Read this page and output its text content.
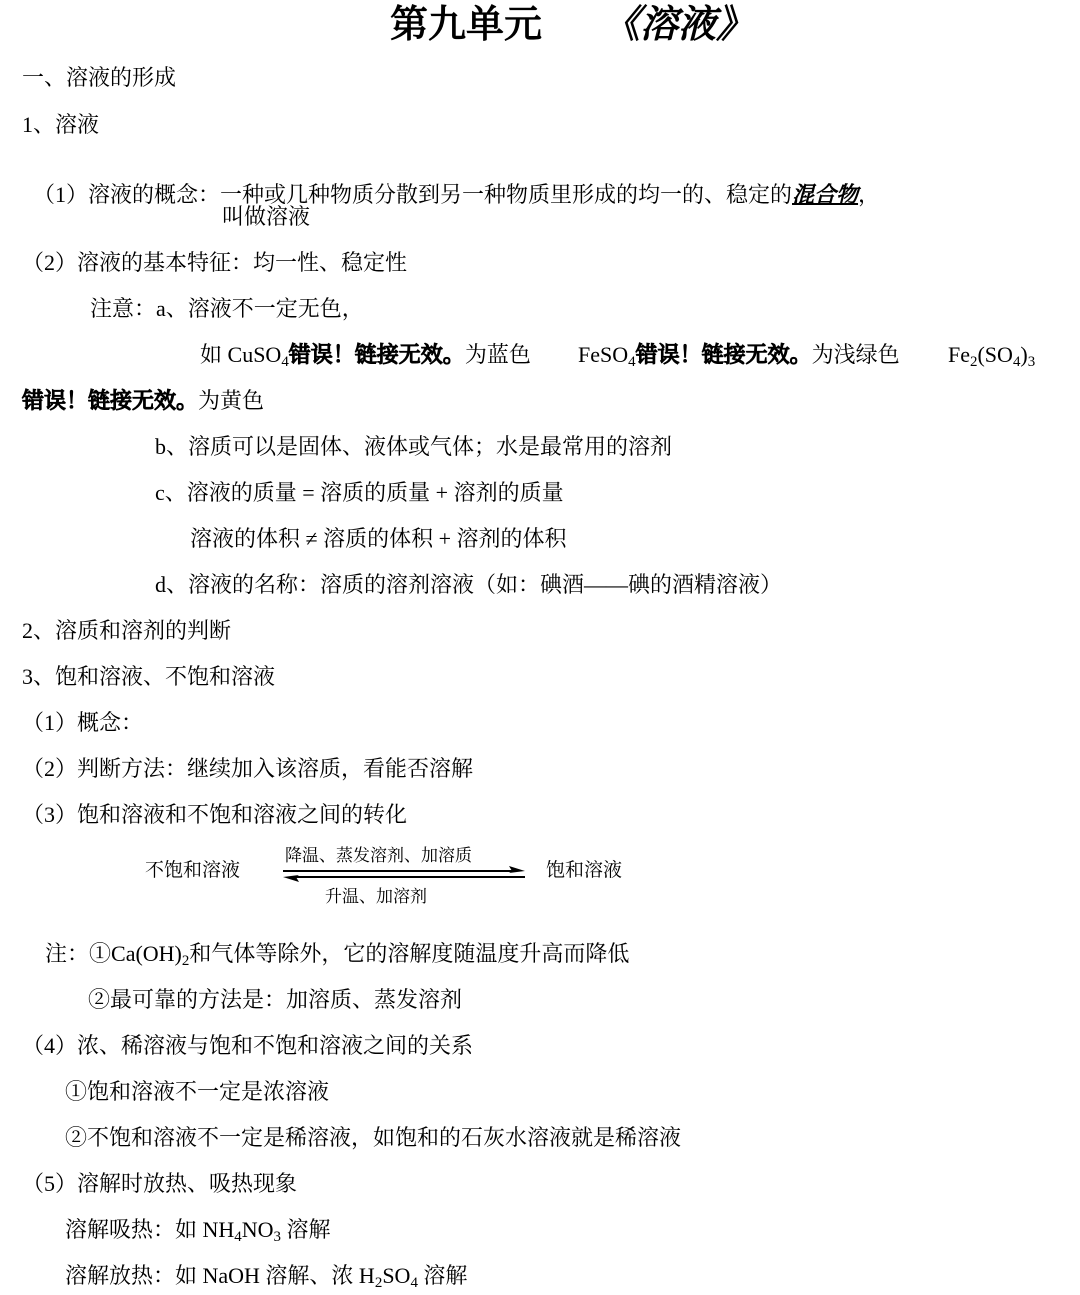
第九单元 《溶液》
一、溶液的形成
1、溶液

（1）溶液的概念：一种或几种物质分散到另一种物质里形成的均一的、稳定的混合物，

叫做溶液
（2）溶液的基本特征：均一性、稳定性
注意：a、溶液不一定无色，
如 CuSO$_4$错误！链接无效。为蓝色 FeSO$_4$错误！链接无效。为浅绿色 $Fe_2(SO_4)_3$
错误！链接无效。为黄色
b、溶质可以是固体、液体或气体；水是最常用的溶剂
c、溶液的质量 = 溶质的质量 + 溶剂的质量
溶液的体积 ≠ 溶质的体积 + 溶剂的体积
d、溶液的名称：溶质的溶剂溶液（如：碘酒——碘的酒精溶液）
2、溶质和溶剂的判断
3、饱和溶液、不饱和溶液
（1）概念：
（2）判断方法：继续加入该溶质，看能否溶解
（3）饱和溶液和不饱和溶液之间的转化
不饱和溶液
降温、蒸发溶剂、加溶质
升温、加溶剂
饱和溶液
注：$①Ca(OH)_2$和气体等除外，它的溶解度随温度升高而降低
②最可靠的方法是：加溶质、蒸发溶剂
（4）浓、稀溶液与饱和不饱和溶液之间的关系
①饱和溶液不一定是浓溶液
②不饱和溶液不一定是稀溶液，如饱和的石灰水溶液就是稀溶液
（5）溶解时放热、吸热现象
溶解吸热：如 $NH_4NO_3$ 溶解
溶解放热：如 NaOH 溶解、浓 $H_2SO_4$ 溶解
